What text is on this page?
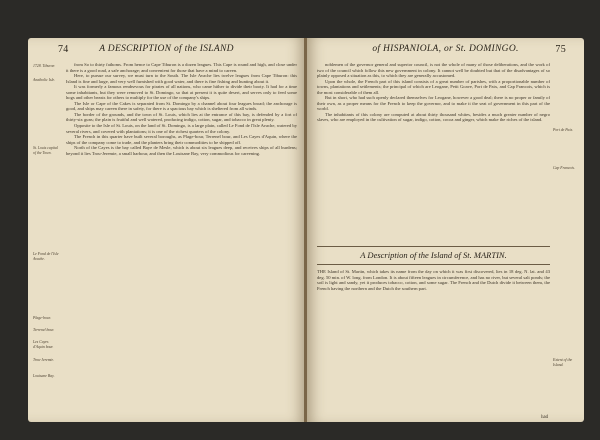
74	A DESCRIPTION of the ISLAND
1728. Tiburon
Anatholic Isle.
St. Louis capital of the Town.
Le Fond de l'Isle Avache.
Plage-bour.
Terrenel bour.
Les Cayes d'Aquin bour.
Trou-Jeremie.
Louisane Bay.

from So to thirty fathoms. From hence to Cape Tiburon is a dozen leagues. This Cape is round and high, and close under it there is a good road, a safe anchorage; and convenient for those that have a mind to careen.

Here, to pursue our survey, we must turn to the South. The Isle Avache lies twelve leagues from Cape Tiburon: this Island is fine and large, and very well furnished with good water, and there is fine fishing and hunting about it.

It was formerly a famous rendezvous for pirates of all nations, who came hither to divide their booty. It had for a time some inhabitants, but they were removed to St. Domingo, so that at present it is quite desert, and serves only to feed some hogs and other beasts for others to multiply for the use of the company's ships.

The Isle or Cape of the Cakes is separated from St. Domingo by a channel about four leagues broad; the anchorage is good, and ships may careen there in safety, for there is a spacious bay which is sheltered from all winds.

The border of the grounds, and the town of St. Louis, which lies at the entrance of this bay, is defended by a fort of thirty-six guns; the plain is fruitful and well watered, producing indigo, cotton, sugar, and tobacco in great plenty.

Opposite to the Isle of St. Louis, on the land of St. Domingo, is a large plain, called Le Fond de l'Isle Avache, watered by several rivers, and covered with plantations; it is one of the richest quarters of the colony.

The French in this quarter have built several boroughs, as Plage-bour, Terrenel bour, and Les Cayes d'Aquin, where the ships of the company come to trade, and the planters bring their commodities to be shipped off.

North of the Cayes is the bay called Baye de Mesle, which is about six leagues deep, and receives ships of all burdens; beyond it lies Trou-Jeremie, a small harbour, and then the Louisane Bay, very commodious for careening.

of HISPANIOLA, or St. DOMINGO.	75

noblemen of the governor general and superior council, is not the whole of many of those deliberations, and the work of two of the council which follow this new government in colony. It cannot well be doubted but that of the disadvantages of so plainly opposed a situation as this, to which they are generally accustomed.

Upon the whole, the French part of this island consists of a great number of parishes, with a proportionable number of towns, plantations and settlements; the principal of which are Leogane, Petit Goave, Port de Paix, and Cap Francois, which is the most considerable of them all.

But in short, who had such openly declared themselves for Leogane, however a good deal; there is no proper or family of their own, as a proper means for the French to keep the governor, and to make it the seat of government in this part of the world.

The inhabitants of this colony are computed at about thirty thousand whites, besides a much greater number of negro slaves, who are employed in the cultivation of sugar, indigo, cotton, cocoa and ginger, which make the riches of the island.

Port de Paix.
Cap Francois.
Extent of the Island.
A Description of the Island of St. MARTIN.

THE Island of St. Martin, which takes its name from the day on which it was first discovered, lies in 18 deg. N. lat. and 43 deg. 50 min. of W. long. from London. It is about fifteen leagues in circumference, and has no river, but several salt ponds; the soil is light and sandy, yet it produces tobacco, cotton, and some sugar. The French and the Dutch divide it between them, the French having the northern and the Dutch the southern part.

had
